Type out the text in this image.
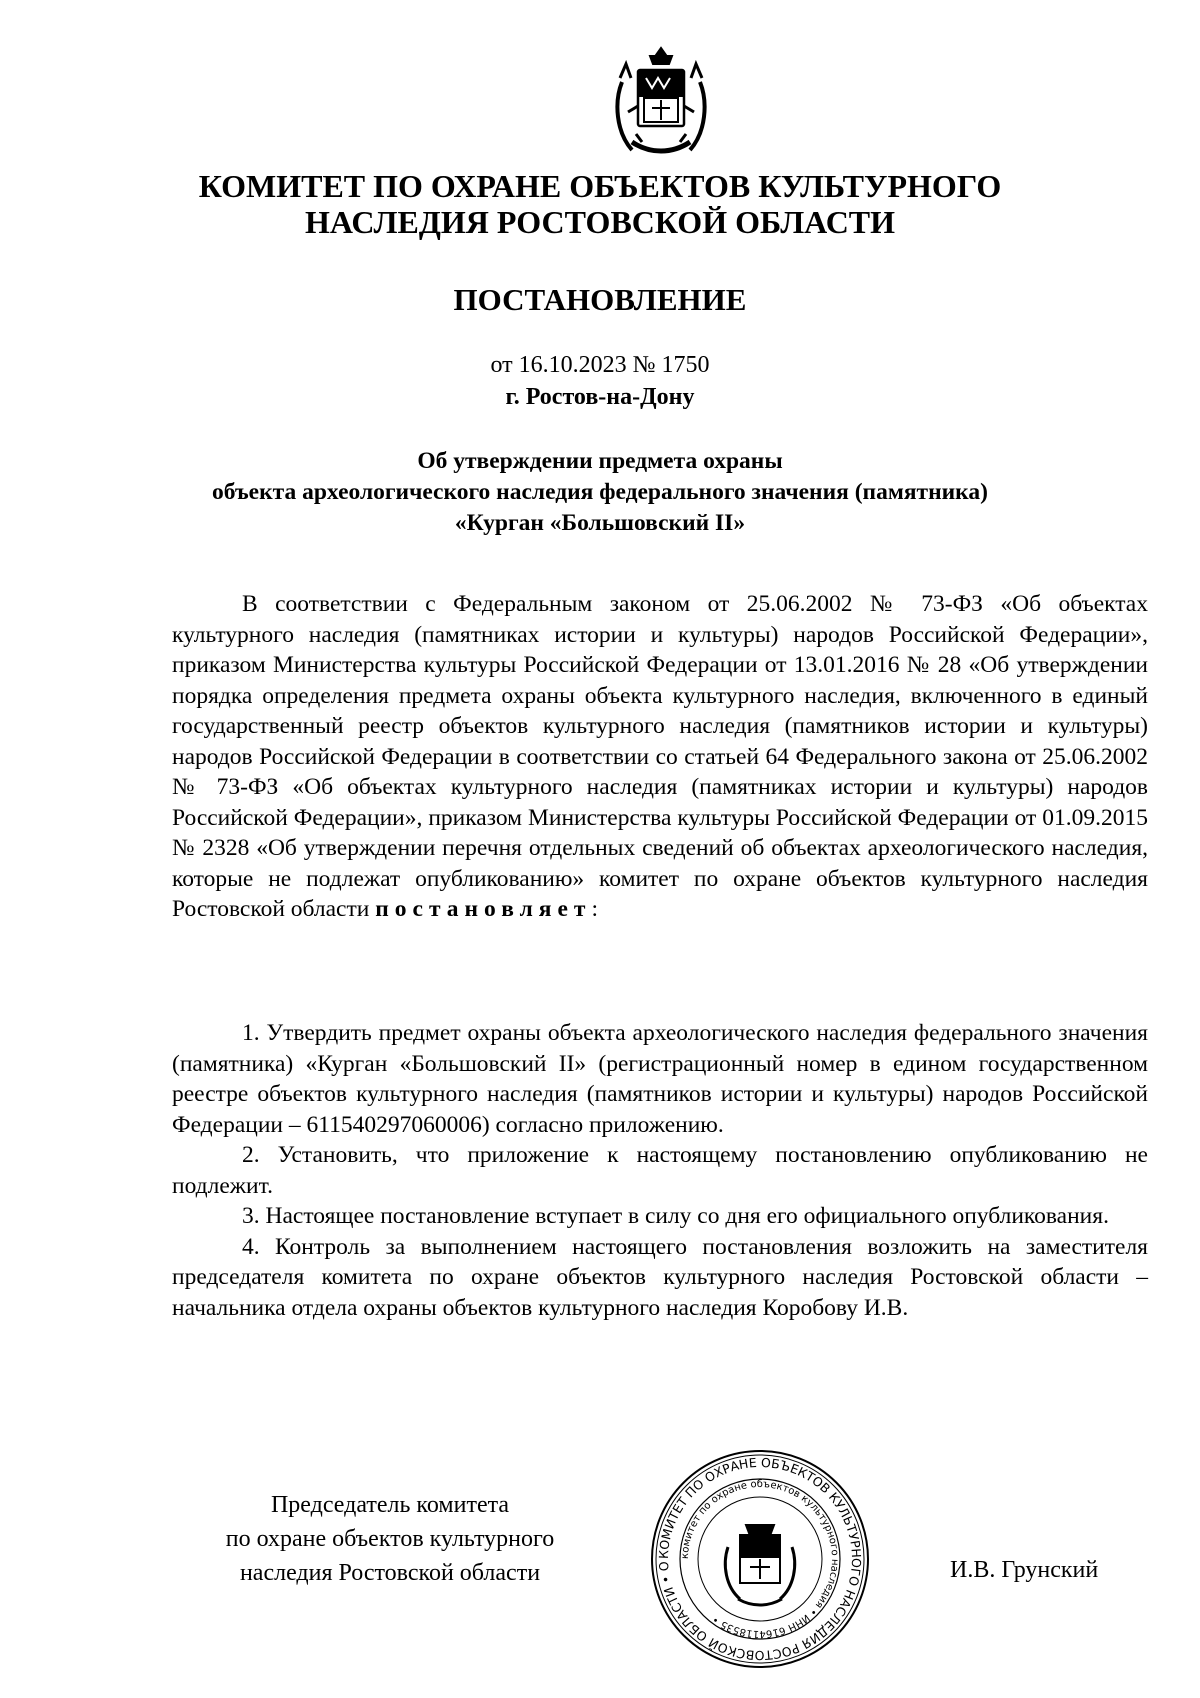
КОМИТЕТ ПО ОХРАНЕ ОБЪЕКТОВ КУЛЬТУРНОГО
НАСЛЕДИЯ РОСТОВСКОЙ ОБЛАСТИ
ПОСТАНОВЛЕНИЕ
от 16.10.2023 № 1750
г. Ростов-на-Дону
Об утверждении предмета охраны
объекта археологического наследия федерального значения (памятника)
«Курган «Большовский II»

В соответствии с Федеральным законом от 25.06.2002 № 73-ФЗ «Об объектах культурного наследия (памятниках истории и культуры) народов Российской Федерации», приказом Министерства культуры Российской Федерации от 13.01.2016 № 28 «Об утверждении порядка определения предмета охраны объекта культурного наследия, включенного в единый государственный реестр объектов культурного наследия (памятников истории и культуры) народов Российской Федерации в соответствии со статьей 64 Федерального закона от 25.06.2002 № 73-ФЗ «Об объектах культурного наследия (памятниках истории и культуры) народов Российской Федерации», приказом Министерства культуры Российской Федерации от 01.09.2015 № 2328 «Об утверждении перечня отдельных сведений об объектах археологического наследия, которые не подлежат опубликованию» комитет по охране объектов культурного наследия Ростовской области постановляет:

1. Утвердить предмет охраны объекта археологического наследия федерального значения (памятника) «Курган «Большовский II» (регистрационный номер в едином государственном реестре объектов культурного наследия (памятников истории и культуры) народов Российской Федерации – 611540297060006) согласно приложению.

2. Установить, что приложение к настоящему постановлению опубликованию не подлежит.

3. Настоящее постановление вступает в силу со дня его официального опубликования.

4. Контроль за выполнением настоящего постановления возложить на заместителя председателя комитета по охране объектов культурного наследия Ростовской области – начальника отдела охраны объектов культурного наследия Коробову И.В.

Председатель комитета
по охране объектов культурного
наследия Ростовской области
КОМИТЕТ ПО ОХРАНЕ ОБЪЕКТОВ КУЛЬТУРНОГО НАСЛЕДИЯ РОСТОВСКОЙ ОБЛАСТИ • О
комитет по охране объектов культурного наследия • ИНН 6164118535 •
И.В. Грунский
